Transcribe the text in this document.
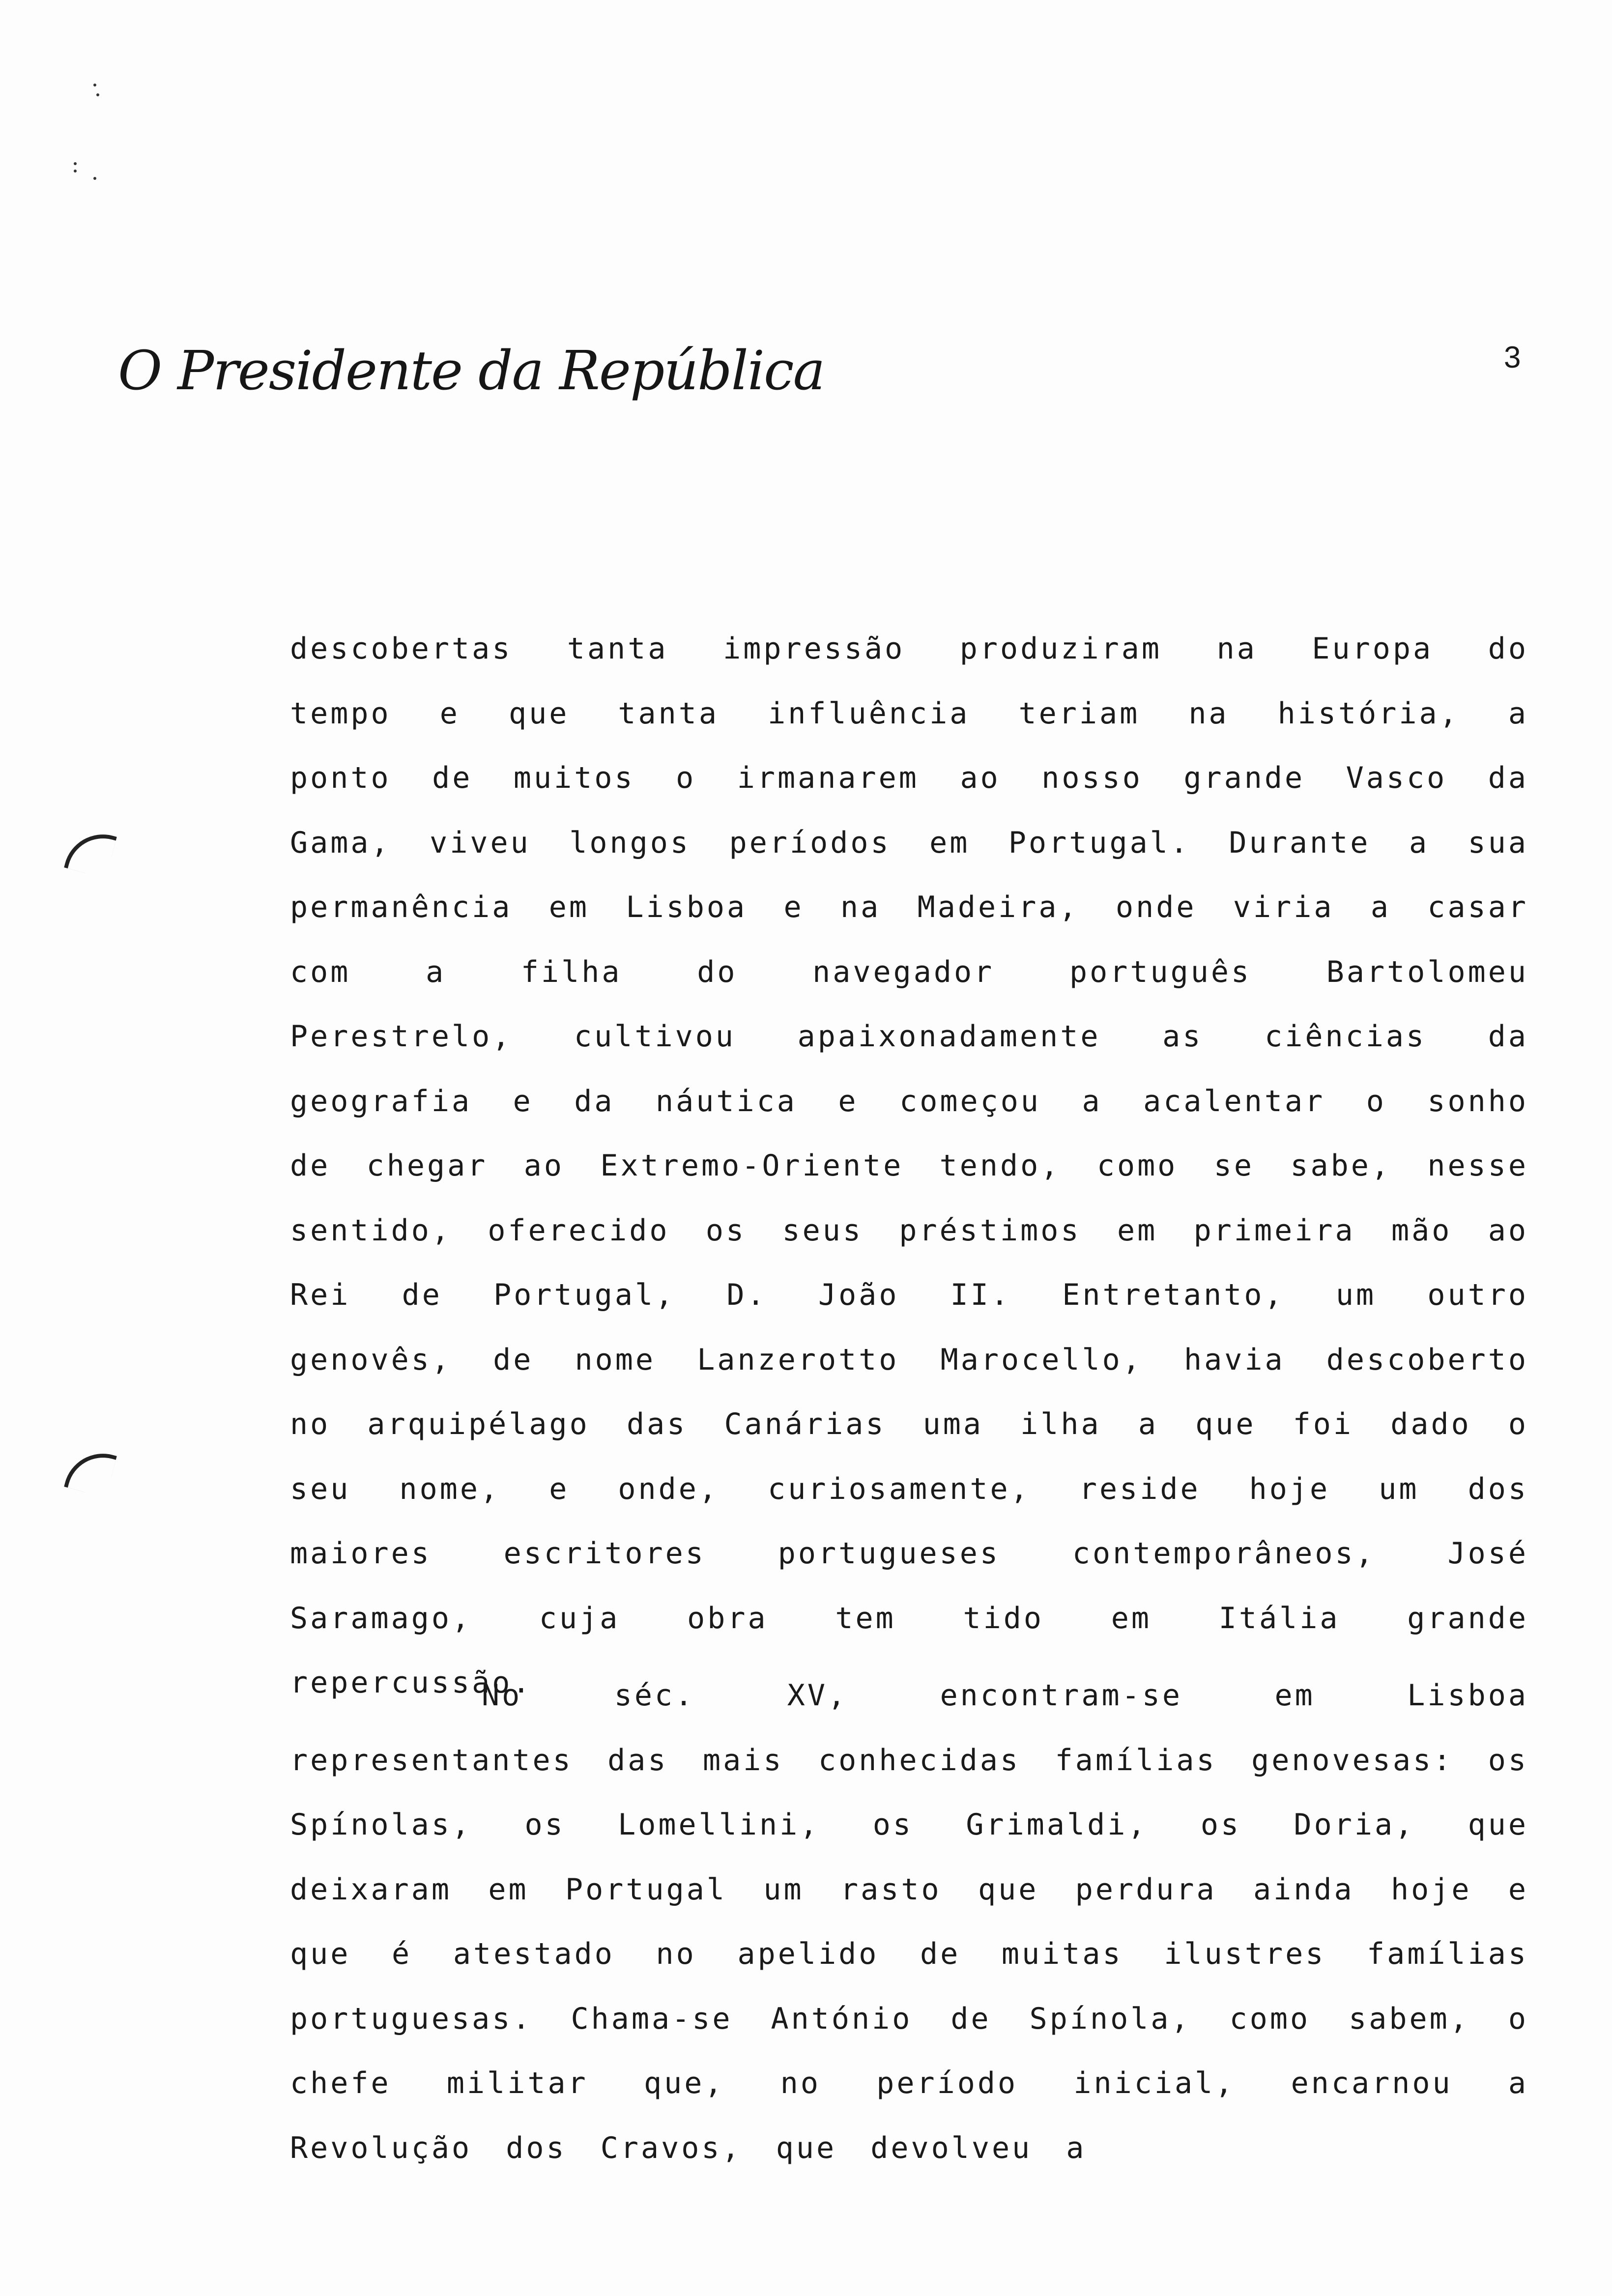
O Presidente da República	3
descobertas tanta impressão produziram na Europa do tempo e que tanta influência teriam na história, a ponto de muitos o irmanarem ao nosso grande Vasco da Gama, viveu longos períodos em Portugal. Durante a sua permanência em Lisboa e na Madeira, onde viria a casar com a filha do navegador português Bartolomeu Perestrelo, cultivou apaixonadamente as ciências da geografia e da náutica e começou a acalentar o sonho de chegar ao Extremo-Oriente tendo, como se sabe, nesse sentido, oferecido os seus préstimos em primeira mão ao Rei de Portugal, D. João II. Entretanto, um outro genovês, de nome Lanzerotto Marocello, havia descoberto no arquipélago das Canárias uma ilha a que foi dado o seu nome, e onde, curiosamente, reside hoje um dos maiores escritores portugueses contemporâneos, José Saramago, cuja obra tem tido em Itália grande repercussão.
No séc. XV, encontram-se em Lisboa representantes das mais conhecidas famílias genovesas: os Spínolas, os Lomellini, os Grimaldi, os Doria, que deixaram em Portugal um rasto que perdura ainda hoje e que é atestado no apelido de muitas ilustres famílias portuguesas. Chama-se António de Spínola, como sabem, o chefe militar que, no período inicial, encarnou a Revolução dos Cravos, que devolveu a
